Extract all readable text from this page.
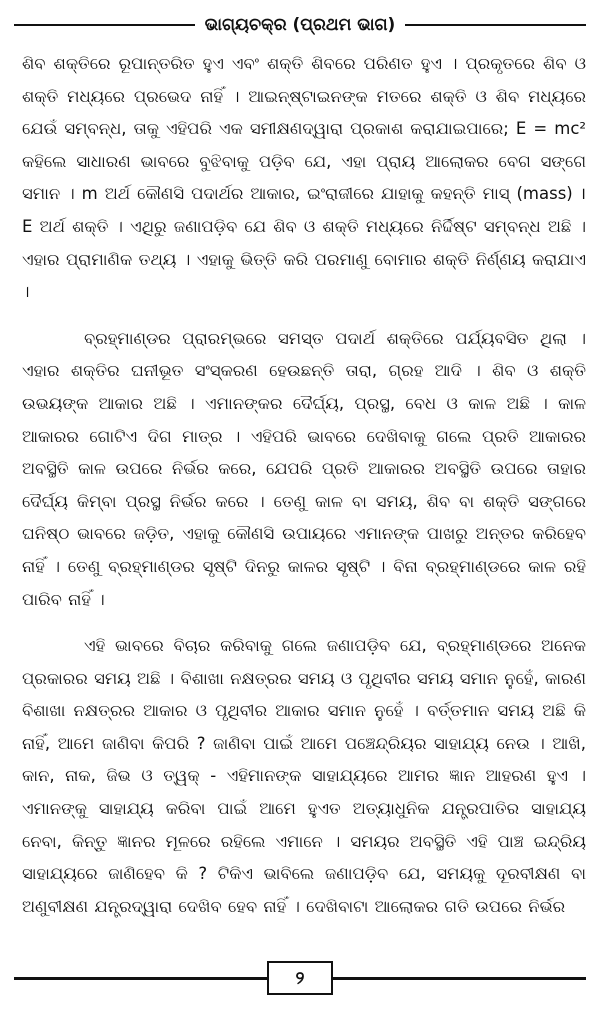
ଭାଗ୍ୟଚକ୍ର (ପ୍ରଥମ ଭାଗ)

ଶିବ ଶକ୍ତିରେ ରୂପାନ୍ତରିତ ହୁଏ ଏବଂ ଶକ୍ତି ଶିବରେ ପରିଣତ ହୁଏ । ପ୍ରକୃତରେ ଶିବ ଓ ଶକ୍ତି ମଧ୍ୟରେ ପ୍ରଭେଦ ନାହିଁ । ଆଇନ୍‌ଷ୍ଟାଇନଙ୍କ ମତରେ ଶକ୍ତି ଓ ଶିବ ମଧ୍ୟରେ ଯେଉଁ ସମ୍ବନ୍ଧ, ତାକୁ ଏହିପରି ଏକ ସମୀକ୍ଷଣଦ୍ୱାରା ପ୍ରକାଶ କରାଯାଇପାରେ; E = mc² କହିଲେ ସାଧାରଣ ଭାବରେ ବୁଝିବାକୁ ପଡ଼ିବ ଯେ, ଏହା ପ୍ରାୟ ଆଲୋକର ବେଗ ସଙ୍ଗେ ସମାନ । m ଅର୍ଥ କୌଣସି ପଦାର୍ଥର ଆକାର, ଇଂରାଜୀରେ ଯାହାକୁ କହନ୍ତି ମାସ୍ (mass) । E ଅର୍ଥ ଶକ୍ତି । ଏଥିରୁ ଜଣାପଡ଼ିବ ଯେ ଶିବ ଓ ଶକ୍ତି ମଧ୍ୟରେ ନିର୍ଦ୍ଦିଷ୍ଟ ସମ୍ବନ୍ଧ ଅଛି । ଏହାର ପ୍ରାମାଣିକ ତଥ୍ୟ । ଏହାକୁ ଭିତ୍ତି କରି ପରମାଣୁ ବୋମାର ଶକ୍ତି ନିର୍ଣ୍ଣୟ କରାଯାଏ ।

ବ୍ରହ୍ମାଣ୍ଡର ପ୍ରାରମ୍ଭରେ ସମସ୍ତ ପଦାର୍ଥ ଶକ୍ତିରେ ପର୍ଯ୍ୟବସିତ ଥିଲା । ଏହାର ଶକ୍ତିର ଘନୀଭୂତ ସଂସ୍କରଣ ହେଉଛନ୍ତି ତାରା, ଗ୍ରହ ଆଦି । ଶିବ ଓ ଶକ୍ତି ଉଭୟଙ୍କ ଆକାର ଅଛି । ଏମାନଙ୍କର ଦୈର୍ଘ୍ୟ, ପ୍ରସ୍ଥ, ବେଧ ଓ କାଳ ଅଛି । କାଳ ଆକାରର ଗୋଟିଏ ଦିଗ ମାତ୍ର । ଏହିପରି ଭାବରେ ଦେଖିବାକୁ ଗଲେ ପ୍ରତି ଆକାରର ଅବସ୍ଥିତି କାଳ ଉପରେ ନିର୍ଭର କରେ, ଯେପରି ପ୍ରତି ଆକାରର ଅବସ୍ଥିତି ଉପରେ ତାହାର ଦୈର୍ଘ୍ୟ କିମ୍ବା ପ୍ରସ୍ଥ ନିର୍ଭର କରେ । ତେଣୁ କାଳ ବା ସମୟ, ଶିବ ବା ଶକ୍ତି ସଙ୍ଗରେ ଘନିଷ୍ଠ ଭାବରେ ଜଡ଼ିତ, ଏହାକୁ କୌଣସି ଉପାୟରେ ଏମାନଙ୍କ ପାଖରୁ ଅନ୍ତର କରିହେବ ନାହିଁ । ତେଣୁ ବ୍ରହ୍ମାଣ୍ଡର ସୃଷ୍ଟି ଦିନରୁ କାଳର ସୃଷ୍ଟି । ବିନା ବ୍ରହ୍ମାଣ୍ଡରେ କାଳ ରହି ପାରିବ ନାହିଁ ।

ଏହି ଭାବରେ ବିଚାର କରିବାକୁ ଗଲେ ଜଣାପଡ଼ିବ ଯେ, ବ୍ରହ୍ମାଣ୍ଡରେ ଅନେକ ପ୍ରକାରର ସମୟ ଅଛି । ବିଶାଖା ନକ୍ଷତ୍ରର ସମୟ ଓ ପୃଥିବୀର ସମୟ ସମାନ ନୁହେଁ, କାରଣ ବିଶାଖା ନକ୍ଷତ୍ରର ଆକାର ଓ ପୃଥିବୀର ଆକାର ସମାନ ନୁହେଁ । ବର୍ତ୍ତମାନ ସମୟ ଅଛି କି ନାହିଁ, ଆମେ ଜାଣିବା କିପରି ? ଜାଣିବା ପାଇଁ ଆମେ ପଞ୍ଚେନ୍ଦ୍ରିୟର ସାହାଯ୍ୟ ନେଉ । ଆଖି, କାନ, ନାକ, ଜିଭ ଓ ତ୍ୱକ୍ - ଏହିମାନଙ୍କ ସାହାଯ୍ୟରେ ଆମର ଜ୍ଞାନ ଆହରଣ ହୁଏ । ଏମାନଙ୍କୁ ସାହାଯ୍ୟ କରିବା ପାଇଁ ଆମେ ହୁଏତ ଅତ୍ୟାଧୁନିକ ଯନ୍ତ୍ରପାତିର ସାହାଯ୍ୟ ନେବା, କିନ୍ତୁ ଜ୍ଞାନର ମୂଳରେ ରହିଲେ ଏମାନେ । ସମୟର ଅବସ୍ଥିତି ଏହି ପାଞ୍ଚ ଇନ୍ଦ୍ରିୟ ସାହାଯ୍ୟରେ ଜାଣିହେବ କି ? ଟିକିଏ ଭାବିଲେ ଜଣାପଡ଼ିବ ଯେ, ସମୟକୁ ଦୂରବୀକ୍ଷଣ ବା ଅଣୁବୀକ୍ଷଣ ଯନ୍ତ୍ରଦ୍ୱାରା ଦେଖିବ ହେବ ନାହିଁ । ଦେଖିବାଟା ଆଲୋକର ଗତି ଉପରେ ନିର୍ଭର

୨
